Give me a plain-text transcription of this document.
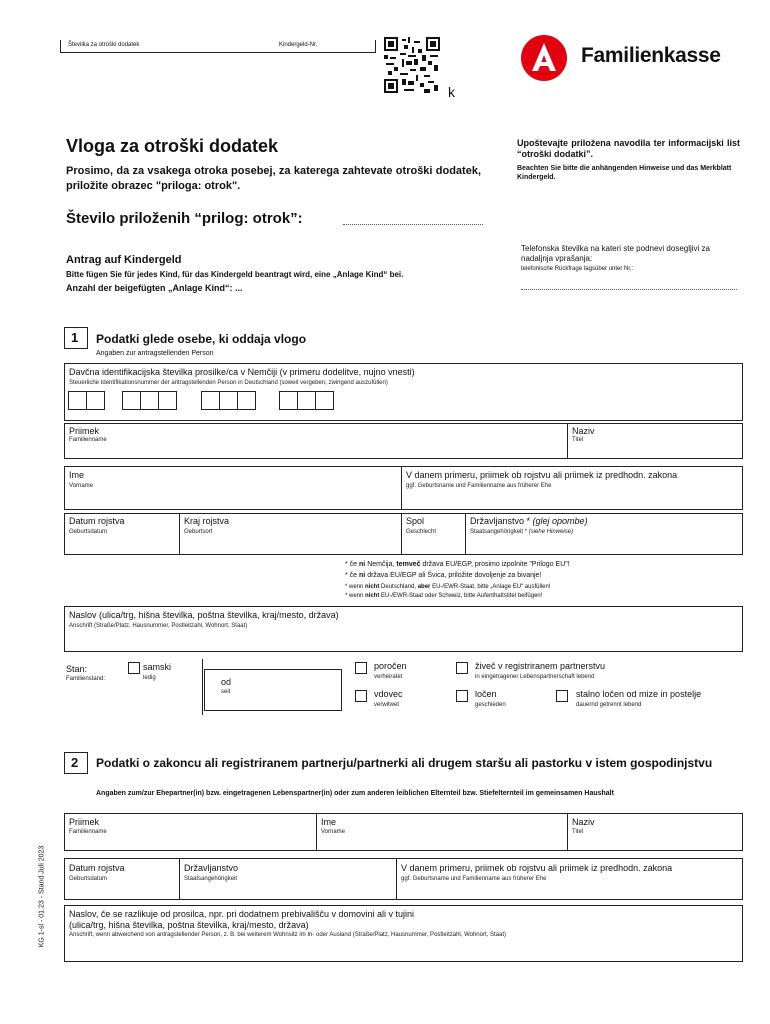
Številka za otroški dodatek	Kindergeld-Nr.
k
Familienkasse
Vloga za otroški dodatek
Prosimo, da za vsakega otroka posebej, za katerega zahtevate otroški dodatek, priložite obrazec "priloga: otrok".
Število priloženih “prilog: otrok”:
Antrag auf Kindergeld
Bitte fügen Sie für jedes Kind, für das Kindergeld beantragt wird, eine „Anlage Kind“ bei.
Anzahl der beigefügten „Anlage Kind“: ...
Upoštevajte priložena navodila ter informacijski list “otroški dodatki”.
Beachten Sie bitte die anhängenden Hinweise und das Merkblatt Kindergeld.
Telefonska številka na kateri ste podnevi dosegljivi za nadaljnja vprašanja:
telefonische Rückfrage tagsüber unter Nr.:
1 Podatki glede osebe, ki oddaja vlogo
Angaben zur antragstellenden Person
Davčna identifikacijska številka prosilke/ca v Nemčiji (v primeru dodelitve, nujno vnesti)
Steuerliche Identifikationsnummer der antragstellenden Person in Deutschland (soweit vergeben, zwingend auszufüllen)
Priimek
Familienname
Naziv
Titel
Ime
Vorname
V danem primeru, priimek ob rojstvu ali priimek iz predhodn. zakona
ggf. Geburtsname und Familienname aus früherer Ehe
Datum rojstva
Geburtsdatum
Kraj rojstva
Geburtsort
Spol
Geschlecht
Državljanstvo * (glej opombe)
Staatsangehörigkeit * (siehe Hinweise)
* če ni Nemčija, temveč država EU/EGP, prosimo izpolnite "Prilogo EU"!
* če ni država EU/EGP ali Švica, priložite dovoljenje za bivanje!
* wenn nicht Deutschland, aber EU-/EWR-Staat, bitte „Anlage EU“ ausfüllen!
* wenn nicht EU-/EWR-Staat oder Schweiz, bitte Aufenthaltstitel beifügen!
Naslov (ulica/trg, hišna številka, poštna številka, kraj/mesto, država)
Anschrift (Straße/Platz, Hausnummer, Postleitzahl, Wohnort, Staat)
Stan:
Familienstand:
samski
ledig	od
seit
poročen
verheiratet
živeč v registriranem partnerstvu
in eingetragener Lebenspartnerschaft lebend
vdovec
verwitwet
ločen
geschieden
stalno ločen od mize in postelje
dauernd getrennt lebend
2 Podatki o zakoncu ali registriranem partnerju/partnerki ali drugem staršu ali pastorku v istem gospodinjstvu
Angaben zum/zur Ehepartner(in) bzw. eingetragenen Lebenspartner(in) oder zum anderen leiblichen Elternteil bzw. Stiefelternteil im gemeinsamen Haushalt
Priimek
Familienname
Ime
Vorname
Naziv
Titel
Datum rojstva
Geburtsdatum
Državljanstvo
Staatsangehörigkeit
V danem primeru, priimek ob rojstvu ali priimek iz predhodn. zakona
ggf. Geburtsname und Familienname aus früherer Ehe
Naslov, če se razlikuje od prosilca, npr. pri dodatnem prebivališču v domovini ali v tujini
(ulica/trg, hišna številka, poštna številka, kraj/mesto, država)
Anschrift, wenn abweichend von antragstellender Person, z. B. bei weiterem Wohnsitz im In- oder Ausland (Straße/Platz, Hausnummer, Postleitzahl, Wohnort, Staat)
KG 1-sl - 01.23 - Stand Juli 2023
